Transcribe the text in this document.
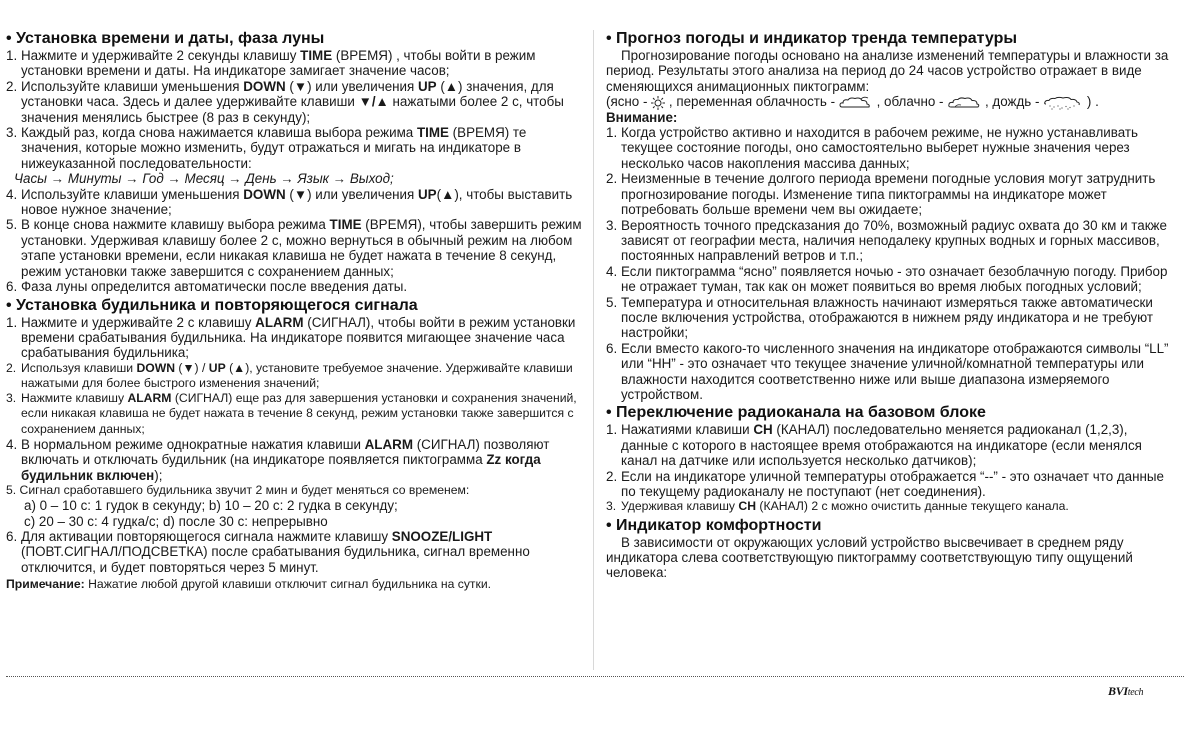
• Установка времени и даты, фаза луны
1. Нажмите и удерживайте 2 секунды клавишу TIME (ВРЕМЯ) , чтобы войти в режим установки времени и даты. На индикаторе замигает значение часов;
2. Используйте клавиши уменьшения DOWN (▼) или увеличения UP (▲) значения, для установки часа. Здесь и далее удерживайте клавиши ▼/▲ нажатыми более 2 с, чтобы значения менялись быстрее (8 раз в секунду);
3. Каждый раз, когда снова нажимается клавиша выбора режима TIME (ВРЕМЯ) те значения, которые можно изменить, будут отражаться и мигать на индикаторе в нижеуказанной последовательности:
Часы → Минуты → Год → Месяц → День → Язык → Выход;
4. Используйте клавиши уменьшения DOWN (▼) или увеличения UP(▲), чтобы выставить новое нужное значение;
5. В конце снова нажмите клавишу выбора режима TIME (ВРЕМЯ), чтобы завершить режим установки. Удерживая клавишу более 2 с, можно вернуться в обычный режим на любом этапе установки времени, если никакая клавиша не будет нажата в течение 8 секунд, режим установки также завершится с сохранением данных;
6. Фаза луны определится автоматически после введения даты.
• Установка будильника и повторяющегося сигнала
1. Нажмите и удерживайте 2 с клавишу ALARM (СИГНАЛ), чтобы войти в режим установки времени срабатывания будильника. На индикаторе появится мигающее значение часа срабатывания будильника;
2. Используя клавиши DOWN (▼) / UP (▲), установите требуемое значение. Удерживайте клавиши нажатыми для более быстрого изменения значений;
3. Нажмите клавишу ALARM (СИГНАЛ) еще раз для завершения установки и сохранения значений, если никакая клавиша не будет нажата в течение 8 секунд, режим установки также завершится с сохранением данных;
4. В нормальном режиме однократные нажатия клавиши ALARM (СИГНАЛ) позволяют включать и отключать будильник (на индикаторе появляется пиктограмма Zz когда будильник включен);
5. Сигнал сработавшего будильника звучит 2 мин и будет меняться со временем:
а) 0 – 10 с: 1 гудок в секунду; b) 10 – 20 с: 2 гудка в секунду;
с) 20 – 30 с: 4 гудка/с; d) после 30 с: непрерывно
6. Для активации повторяющегося сигнала нажмите клавишу SNOOZE/LIGHT (ПОВТ.СИГНАЛ/ПОДСВЕТКА) после срабатывания будильника, сигнал временно отключится, и будет повторяться через 5 минут.
Примечание: Нажатие любой другой клавиши отключит сигнал будильника на сутки.
• Прогноз погоды и индикатор тренда температуры

Прогнозирование погоды основано на анализе изменений температуры и влажности за период. Результаты этого анализа на период до 24 часов устройство отражает в виде сменяющихся анимационных пиктограмм:

(ясно - , переменная облачность -	, облачно -	, дождь -	) .
Внимание:
1. Когда устройство активно и находится в рабочем режиме, не нужно устанавливать текущее состояние погоды, оно самостоятельно выберет нужные значения через несколько часов накопления массива данных;
2. Неизменные в течение долгого периода времени погодные условия могут затруднить прогнозирование погоды. Изменение типа пиктограммы на индикаторе может потребовать больше времени чем вы ожидаете;
3. Вероятность точного предсказания до 70%, возможный радиус охвата до 30 км и также зависят от географии места, наличия неподалеку крупных водных и горных массивов, постоянных направлений ветров и т.п.;
4. Если пиктограмма “ясно” появляется ночью - это означает безоблачную погоду. Прибор не отражает туман, так как он может появиться во время любых погодных условий;
5. Температура и относительная влажность начинают измеряться также автоматически после включения устройства, отображаются в нижнем ряду индикатора и не требуют настройки;
6. Если вместо какого-то численного значения на индикаторе отображаются символы “LL” или “HH” - это означает что текущее значение уличной/комнатной температуры или влажности находится соответственно ниже или выше диапазона измеряемого устройством.
• Переключение радиоканала на базовом блоке
1. Нажатиями клавиши CH (КАНАЛ) последовательно меняется радиоканал (1,2,3), данные с которого в настоящее время отображаются на индикаторе (если менялся канал на датчике или используется несколько датчиков);
2. Если на индикаторе уличной температуры отображается “--” - это означает что данные по текущему радиоканалу не поступают (нет соединения).
3. Удерживая клавишу CH (КАНАЛ) 2 с можно очистить данные текущего канала.
• Индикатор комфортности

В зависимости от окружающих условий устройство высвечивает в среднем ряду индикатора слева соответствующую пиктограмму соответствующую типу ощущений человека:

BVItech
